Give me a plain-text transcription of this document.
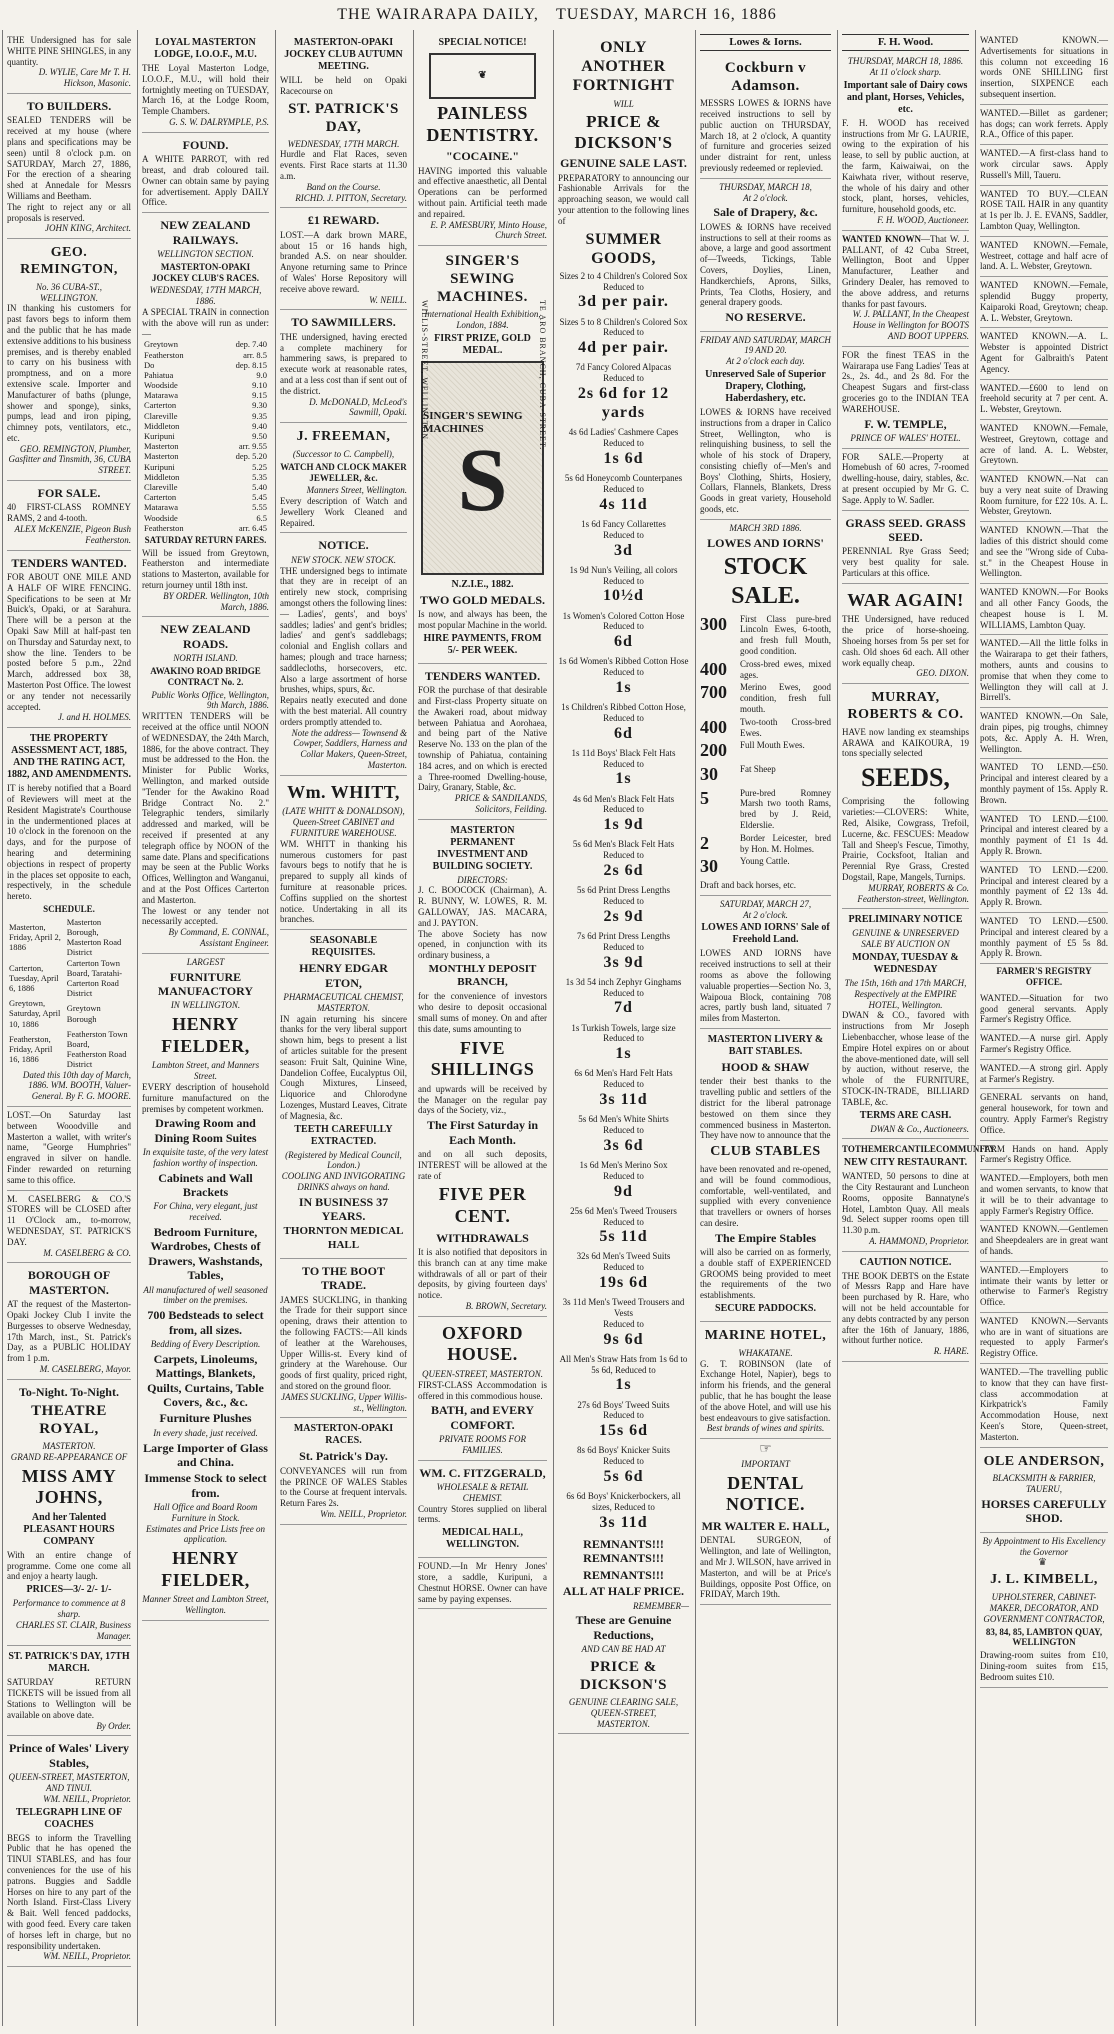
THE WAIRARAPA DAILY, TUESDAY, MARCH 16, 1886
THE Undersigned has for sale WHITE PINE SHINGLES, in any quantity.
D. WYLIE, Care Mr T. H. Hickson, Masonic.
TO BUILDERS.
SEALED TENDERS will be received at my house (where plans and specifications may be seen) until 8 o'clock p.m. on SATURDAY, March 27, 1886, For the erection of a shearing shed at Annedale for Messrs Williams and Beetham.
The right to reject any or all proposals is reserved.
JOHN KING, Architect.
GEO. REMINGTON,
No. 36 CUBA-ST., WELLINGTON.
IN thanking his customers for past favors begs to inform them and the public that he has made extensive additions to his business premises, and is thereby enabled to carry on his business with promptness, and on a more extensive scale. Importer and Manufacturer of baths (plunge, shower and sponge), sinks, pumps, lead and iron piping, chimney pots, ventilators, etc., etc.
GEO. REMINGTON, Plumber, Gasfitter and Tinsmith, 36, CUBA STREET.
FOR SALE.
40 FIRST-CLASS ROMNEY RAMS, 2 and 4-tooth.
ALEX McKENZIE, Pigeon Bush Featherston.
TENDERS WANTED.
FOR ABOUT ONE MILE AND A HALF OF WIRE FENCING. Specifications to be seen at Mr Buick's, Opaki, or at Sarahura. There will be a person at the Opaki Saw Mill at half-past ten on Thursday and Saturday next, to show the line. Tenders to be posted before 5 p.m., 22nd March, addressed box 38, Masterton Post Office. The lowest or any tender not necessarily accepted.
J. and H. HOLMES.
THE PROPERTY ASSESSMENT ACT, 1885, AND THE RATING ACT, 1882, AND AMENDMENTS.
IT is hereby notified that a Board of Reviewers will meet at the Resident Magistrate's Courthouse in the undermentioned places at 10 o'clock in the forenoon on the days, and for the purpose of hearing and determining objections in respect of property in the places set opposite to each, respectively, in the schedule hereto.
SCHEDULE.
Masterton, Friday, April 2, 1886	Masterton Borough, Masterton Road District
Carterton, Tuesday, April 6, 1886	Carterton Town Board, Taratahi-Carterton Road District
Greytown, Saturday, April 10, 1886	Greytown Borough
Featherston, Friday, April 16, 1886	Featherston Town Board, Featherston Road District
Dated this 10th day of March, 1886. WM. BOOTH, Valuer-General. By F. G. MOORE.
LOST.—On Saturday last between Wooodville and Masterton a wallet, with writer's name, "George Humphries" engraved in silver on handle. Finder rewarded on returning same to this office.
M. CASELBERG & CO.'S STORES will be CLOSED after 11 O'Clock am., to-morrow, WEDNESDAY, ST. PATRICK'S DAY.
M. CASELBERG & CO.
BOROUGH OF MASTERTON.
AT the request of the Masterton-Opaki Jockey Club I invite the Burgesses to observe Wednesday, 17th March, inst., St. Patrick's Day, as a PUBLIC HOLIDAY from 1 p.m.
M. CASELBERG, Mayor.
To-Night. To-Night.
THEATRE ROYAL,
MASTERTON.
GRAND RE-APPEARANCE OF
MISS AMY JOHNS,
And her Talented PLEASANT HOURS COMPANY
With an entire change of programme. Come one come all and enjoy a hearty laugh.
PRICES—3/- 2/- 1/-
Performance to commence at 8 sharp.
CHARLES ST. CLAIR, Business Manager.
ST. PATRICK'S DAY, 17TH MARCH.
SATURDAY RETURN TICKETS will be issued from all Stations to Wellington will be available on above date.
By Order.
Prince of Wales' Livery Stables,
QUEEN-STREET, MASTERTON, AND TINUI.
WM. NEILL, Proprietor.
TELEGRAPH LINE OF COACHES
BEGS to inform the Travelling Public that he has opened the TINUI STABLES, and has four conveniences for the use of his patrons. Buggies and Saddle Horses on hire to any part of the North Island. First-Class Livery & Bait. Well fenced paddocks, with good feed. Every care taken of horses left in charge, but no responsibility undertaken.
WM. NEILL, Proprietor.
LOYAL MASTERTON LODGE, I.O.O.F., M.U.
THE Loyal Masterton Lodge, I.O.O.F., M.U., will hold their fortnightly meeting on TUESDAY, March 16, at the Lodge Room, Temple Chambers.
G. S. W. DALRYMPLE, P.S.
FOUND.
A WHITE PARROT, with red breast, and drab coloured tail. Owner can obtain same by paying for advertisement. Apply DAILY Office.
NEW ZEALAND RAILWAYS.
WELLINGTON SECTION.
MASTERTON-OPAKI JOCKEY CLUB'S RACES.
WEDNESDAY, 17TH MARCH, 1886.
A SPECIAL TRAIN in connection with the above will run as under:—
Greytown	dep. 7.40
Featherston	arr. 8.5
Do	dep. 8.15
Pahiatua	9.0
Woodside	9.10
Matarawa	9.15
Carterton	9.30
Clareville	9.35
Middleton	9.40
Kuripuni	9.50
Masterton	arr. 9.55
Masterton	dep. 5.20
Kuripuni	5.25
Middleton	5.35
Clareville	5.40
Carterton	5.45
Matarawa	5.55
Woodside	6.5
Featherston	arr. 6.45
SATURDAY RETURN FARES.
Will be issued from Greytown, Featherston and intermediate stations to Masterton, available for return journey until 18th inst.
BY ORDER. Wellington, 10th March, 1886.
NEW ZEALAND ROADS.
NORTH ISLAND.
AWAKINO ROAD BRIDGE CONTRACT No. 2.
Public Works Office, Wellington, 9th March, 1886.
WRITTEN TENDERS will be received at the office until NOON of WEDNESDAY, the 24th March, 1886, for the above contract. They must be addressed to the Hon. the Minister for Public Works, Wellington, and marked outside "Tender for the Awakino Road Bridge Contract No. 2." Telegraphic tenders, similarly addressed and marked, will be received if presented at any telegraph office by NOON of the same date. Plans and specifications may be seen at the Public Works Offices, Wellington and Wanganui, and at the Post Offices Carterton and Masterton.
The lowest or any tender not necessarily accepted.
By Command, E. CONNAL, Assistant Engineer.
LARGEST
FURNITURE MANUFACTORY
IN WELLINGTON.
HENRY FIELDER,
Lambton Street, and Manners Street.
EVERY description of household furniture manufactured on the premises by competent workmen.
Drawing Room and Dining Room Suites
In exquisite taste, of the very latest fashion worthy of inspection.
Cabinets and Wall Brackets
For China, very elegant, just received.
Bedroom Furniture, Wardrobes, Chests of Drawers, Washstands, Tables,
All manufactured of well seasoned timber on the premises.
700 Bedsteads to select from, all sizes.
Bedding of Every Description.
Carpets, Linoleums, Mattings, Blankets, Quilts, Curtains, Table Covers, &c., &c.
Furniture Plushes
In every shade, just received.
Large Importer of Glass and China.
Immense Stock to select from.
Hall Office and Board Room Furniture in Stock.
Estimates and Price Lists free on application.
HENRY FIELDER,
Manner Street and Lambton Street, Wellington.
MASTERTON-OPAKI JOCKEY CLUB AUTUMN MEETING.
WILL be held on Opaki Racecourse on
ST. PATRICK'S DAY,
WEDNESDAY, 17TH MARCH.
Hurdle and Flat Races, seven events. First Race starts at 11.30 a.m.
Band on the Course.
RICHD. J. PITTON, Secretary.
£1 REWARD.
LOST.—A dark brown MARE, about 15 or 16 hands high, branded A.S. on near shoulder. Anyone returning same to Prince of Wales' Horse Repository will receive above reward.
W. NEILL.
TO SAWMILLERS.
THE undersigned, having erected a complete machinery for hammering saws, is prepared to execute work at reasonable rates, and at a less cost than if sent out of the district.
D. McDONALD, McLeod's Sawmill, Opaki.
J. FREEMAN,
(Successor to C. Campbell),
WATCH AND CLOCK MAKER JEWELLER, &c.
Manners Street, Wellington.
Every description of Watch and Jewellery Work Cleaned and Repaired.
NOTICE.
NEW STOCK. NEW STOCK.
THE undersigned begs to intimate that they are in receipt of an entirely new stock, comprising amongst others the following lines:— Ladies', gents', and boys' saddles; ladies' and gent's bridles; ladies' and gent's saddlebags; colonial and English collars and hames; plough and trace harness; saddlecloths, horsecovers, etc. Also a large assortment of horse brushes, whips, spurs, &c.
Repairs neatly executed and done with the best material. All country orders promptly attended to.
Note the address— Townsend & Cowper, Saddlers, Harness and Collar Makers, Queen-Street, Masterton.
Wm. WHITT,
(LATE WHITT & DONALDSON), Queen-Street CABINET and FURNITURE WAREHOUSE.
WM. WHITT in thanking his numerous customers for past favours begs to notify that he is prepared to supply all kinds of furniture at reasonable prices. Coffins supplied on the shortest notice. Undertaking in all its branches.
SEASONABLE REQUISITES.
HENRY EDGAR ETON,
PHARMACEUTICAL CHEMIST, MASTERTON.
IN again returning his sincere thanks for the very liberal support shown him, begs to present a list of articles suitable for the present season: Fruit Salt, Quinine Wine, Dandelion Coffee, Eucalyptus Oil, Cough Mixtures, Linseed, Liquorice and Chlorodyne Lozenges, Mustard Leaves, Citrate of Magnesia, &c.
TEETH CAREFULLY EXTRACTED.
(Registered by Medical Council, London.)
COOLING AND INVIGORATING DRINKS always on hand.
IN BUSINESS 37 YEARS.
THORNTON MEDICAL HALL
TO THE BOOT TRADE.
JAMES SUCKLING, in thanking the Trade for their support since opening, draws their attention to the following FACTS:—All kinds of leather at the Warehouses, Upper Willis-st. Every kind of grindery at the Warehouse. Our goods of first quality, priced right, and stored on the ground floor.
JAMES SUCKLING, Upper Willis-st., Wellington.
MASTERTON-OPAKI RACES.
St. Patrick's Day.
CONVEYANCES will run from the PRINCE OF WALES Stables to the Course at frequent intervals. Return Fares 2s.
Wm. NEILL, Proprietor.
SPECIAL NOTICE!
❦
PAINLESS DENTISTRY.
"COCAINE."
HAVING imported this valuable and effective anaesthetic, all Dental Operations can be performed without pain. Artificial teeth made and repaired.
E. P. AMESBURY, Minto House, Church Street.
SINGER'S SEWING MACHINES.
International Health Exhibition, London, 1884.
FIRST PRIZE, GOLD MEDAL.
SINGER'S SEWING MACHINES
S
N.Z.I.E., 1882.
TWO GOLD MEDALS.
Is now, and always has been, the most popular Machine in the world.
HIRE PAYMENTS, FROM 5/- PER WEEK.
TENDERS WANTED.
FOR the purchase of that desirable and First-class Property situate on the Awakeri road, about midway between Pahiatua and Aorohaea, and being part of the Native Reserve No. 133 on the plan of the township of Pahiatua, containing 184 acres, and on which is erected a Three-roomed Dwelling-house, Dairy, Granary, Stable, &c.
PRICE & SANDILANDS, Solicitors, Feilding.
MASTERTON PERMANENT INVESTMENT AND BUILDING SOCIETY.
DIRECTORS:
J. C. BOOCOCK (Chairman), A. R. BUNNY, W. LOWES, R. M. GALLOWAY, JAS. MACARA, and J. PAYTON.
The above Society has now opened, in conjunction with its ordinary business, a
MONTHLY DEPOSIT BRANCH,
for the convenience of investors who desire to deposit occasional small sums of money. On and after this date, sums amounting to
FIVE SHILLINGS
and upwards will be received by the Manager on the regular pay days of the Society, viz.,
The First Saturday in Each Month.
and on all such deposits, INTEREST will be allowed at the rate of
FIVE PER CENT.
WITHDRAWALS
It is also notified that depositors in this branch can at any time make withdrawals of all or part of their deposits, by giving fourteen days' notice.
B. BROWN, Secretary.
OXFORD HOUSE.
QUEEN-STREET, MASTERTON.
FIRST-CLASS Accommodation is offered in this commodious house.
BATH, and EVERY COMFORT.
PRIVATE ROOMS FOR FAMILIES.
WM. C. FITZGERALD,
WHOLESALE & RETAIL CHEMIST.
Country Stores supplied on liberal terms.
MEDICAL HALL, WELLINGTON.
FOUND.—In Mr Henry Jones' store, a saddle, Kuripuni, a Chestnut HORSE. Owner can have same by paying expenses.
ONLY ANOTHER FORTNIGHT
WILL
PRICE & DICKSON'S
GENUINE SALE LAST.
PREPARATORY to announcing our Fashionable Arrivals for the approaching season, we would call your attention to the following lines of
SUMMER GOODS,
Sizes 2 to 4 Children's Colored Sox
Reduced to
3d per pair.
Sizes 5 to 8 Children's Colored Sox
Reduced to
4d per pair.
7d Fancy Colored Alpacas
Reduced to
2s 6d for 12 yards
4s 6d Ladies' Cashmere Capes
Reduced to
1s 6d
5s 6d Honeycomb Counterpanes
Reduced to
4s 11d
1s 6d Fancy Collarettes
Reduced to
3d
1s 9d Nun's Veiling, all colors
Reduced to
10½d
1s Women's Colored Cotton Hose
Reduced to
6d
1s 6d Women's Ribbed Cotton Hose
Reduced to
1s
1s Children's Ribbed Cotton Hose, Reduced to
6d
1s 11d Boys' Black Felt Hats
Reduced to
1s
4s 6d Men's Black Felt Hats
Reduced to
1s 9d
5s 6d Men's Black Felt Hats
Reduced to
2s 6d
5s 6d Print Dress Lengths
Reduced to
2s 9d
7s 6d Print Dress Lengths
Reduced to
3s 9d
1s 3d 54 inch Zephyr Ginghams
Reduced to
7d
1s Turkish Towels, large size
Reduced to
1s
6s 6d Men's Hard Felt Hats
Reduced to
3s 11d
5s 6d Men's White Shirts
Reduced to
3s 6d
1s 6d Men's Merino Sox
Reduced to
9d
25s 6d Men's Tweed Trousers
Reduced to
5s 11d
32s 6d Men's Tweed Suits
Reduced to
19s 6d
3s 11d Men's Tweed Trousers and Vests
Reduced to
9s 6d
All Men's Straw Hats from 1s 6d to 5s 6d, Reduced to
1s
27s 6d Boys' Tweed Suits
Reduced to
15s 6d
8s 6d Boys' Knicker Suits
Reduced to
5s 6d
6s 6d Boys' Knickerbockers, all sizes, Reduced to
3s 11d
REMNANTS!!! REMNANTS!!!
REMNANTS!!!
ALL AT HALF PRICE.
REMEMBER—
These are Genuine Reductions,
AND CAN BE HAD AT
PRICE & DICKSON'S
GENUINE CLEARING SALE,
QUEEN-STREET,
MASTERTON.
Lowes & Iorns.
Cockburn v Adamson.
MESSRS LOWES & IORNS have received instructions to sell by public auction on THURSDAY, March 18, at 2 o'clock, A quantity of furniture and groceries seized under distraint for rent, unless previously redeemed or replevied.
THURSDAY, MARCH 18,
At 2 o'clock.
Sale of Drapery, &c.
LOWES & IORNS have received instructions to sell at their rooms as above, a large and good assortment of—Tweeds, Tickings, Table Covers, Doylies, Linen, Handkerchiefs, Aprons, Silks, Prints, Tea Cloths, Hosiery, and general drapery goods.
NO RESERVE.
FRIDAY AND SATURDAY, MARCH 19 AND 20.
At 2 o'clock each day.
Unreserved Sale of Superior Drapery, Clothing, Haberdashery, etc.
LOWES & IORNS have received instructions from a draper in Calico Street, Wellington, who is relinquishing business, to sell the whole of his stock of Drapery, consisting chiefly of—Men's and Boys' Clothing, Shirts, Hosiery, Collars, Flannels, Blankets, Dress Goods in great variety, Household goods, etc.
MARCH 3RD 1886.
LOWES AND IORNS'
STOCK SALE.
300	First Class pure-bred Lincoln Ewes, 6-tooth, and fresh full Mouth, good condition.
400	Cross-bred ewes, mixed ages.
700	Merino Ewes, good condition, fresh full mouth.
400	Two-tooth Cross-bred Ewes.
200	Full Mouth Ewes.
30	Fat Sheep
5	Pure-bred Romney Marsh two tooth Rams, bred by J. Reid, Elderslie.
2	Border Leicester, bred by Hon. M. Holmes.
30	Young Cattle.
Draft and back horses, etc.
SATURDAY, MARCH 27,
At 2 o'clock.
LOWES AND IORNS' Sale of Freehold Land.
LOWES AND IORNS have received instructions to sell at their rooms as above the following valuable properties—Section No. 3, Waipoua Block, containing 708 acres, partly bush land, situated 7 miles from Masterton.
MASTERTON LIVERY & BAIT STABLES.
HOOD & SHAW
tender their best thanks to the travelling public and settlers of the district for the liberal patronage bestowed on them since they commenced business in Masterton. They have now to announce that the
CLUB STABLES
have been renovated and re-opened, and will be found commodious, comfortable, well-ventilated, and supplied with every convenience that travellers or owners of horses can desire.
The Empire Stables
will also be carried on as formerly, a double staff of EXPERIENCED GROOMS being provided to meet the requirements of the two establishments.
SECURE PADDOCKS.
MARINE HOTEL,
WHAKATANE.
G. T. ROBINSON (late of Exchange Hotel, Napier), begs to inform his friends, and the general public, that he has bought the lease of the above Hotel, and will use his best endeavours to give satisfaction.
Best brands of wines and spirits.
☞
IMPORTANT
DENTAL NOTICE.
MR WALTER E. HALL,
DENTAL SURGEON, of Wellington, and late of Wellington, and Mr J. WILSON, have arrived in Masterton, and will be at Price's Buildings, opposite Post Office, on FRIDAY, March 19th.
F. H. Wood.
THURSDAY, MARCH 18, 1886.
At 11 o'clock sharp.
Important sale of Dairy cows and plant, Horses, Vehicles, etc.
F. H. WOOD has received instructions from Mr G. LAURIE, owing to the expiration of his lease, to sell by public auction, at the farm, Kaiwaiwai, on the Kaiwhata river, without reserve, the whole of his dairy and other stock, plant, horses, vehicles, furniture, household goods, etc.
F. H. WOOD, Auctioneer.
WANTED KNOWN—That W. J. PALLANT, of 42 Cuba Street, Wellington, Boot and Upper Manufacturer, Leather and Grindery Dealer, has removed to the above address, and returns thanks for past favours.
W. J. PALLANT, In the Cheapest House in Wellington for BOOTS AND BOOT UPPERS.
FOR the finest TEAS in the Wairarapa use Fang Ladies' Teas at 2s., 2s. 4d., and 2s 8d. For the Cheapest Sugars and first-class groceries go to the INDIAN TEA WAREHOUSE.
F. W. TEMPLE,
PRINCE OF WALES' HOTEL.
FOR SALE.—Property at Homebush of 60 acres, 7-roomed dwelling-house, dairy, stables, &c. at present occupied by Mr G. C. Sage. Apply to W. Sadler.
GRASS SEED. GRASS SEED.
PERENNIAL Rye Grass Seed; very best quality for sale. Particulars at this office.
WAR AGAIN!
THE Undersigned, have reduced the price of horse-shoeing. Shoeing horses from 5s per set for cash. Old shoes 6d each. All other work equally cheap.
GEO. DIXON.
MURRAY, ROBERTS & CO.
HAVE now landing ex steamships ARAWA and KAIKOURA, 19 tons specially selected
SEEDS,
Comprising the following varieties:—CLOVERS: White, Red, Alsike, Cowgrass, Trefoil, Lucerne, &c. FESCUES: Meadow Tall and Sheep's Fescue, Timothy, Prairie, Cocksfoot, Italian and Perennial Rye Grass, Crested Dogstail, Rape, Mangels, Turnips.
MURRAY, ROBERTS & Co. Featherston-street, Wellington.
PRELIMINARY NOTICE
GENUINE & UNRESERVED SALE BY AUCTION ON
MONDAY, TUESDAY & WEDNESDAY
The 15th, 16th and 17th MARCH, Respectively at the EMPIRE HOTEL, Wellington.
DWAN & CO., favored with instructions from Mr Joseph Liebenbaccher, whose lease of the Empire Hotel expires on or about the above-mentioned date, will sell by auction, without reserve, the whole of the FURNITURE, STOCK-IN-TRADE, BILLIARD TABLE, &c.
TERMS ARE CASH.
DWAN & Co., Auctioneers.
TOTHEMERCANTILECOMMUNITY.
NEW CITY RESTAURANT.
WANTED, 50 persons to dine at the City Restaurant and Luncheon Rooms, opposite Bannatyne's Hotel, Lambton Quay. All meals 9d. Select supper rooms open till 11.30 p.m.
A. HAMMOND, Proprietor.
CAUTION NOTICE.
THE BOOK DEBTS on the Estate of Messrs Rapp and Hare have been purchased by R. Hare, who will not be held accountable for any debts contracted by any person after the 16th of January, 1886, without further notice.
R. HARE.
WANTED KNOWN.—Advertisements for situations in this column not exceeding 16 words ONE SHILLING first insertion, SIXPENCE each subsequent insertion.
WANTED.—Billet as gardener; has dogs; can work ferrets. Apply R.A., Office of this paper.
WANTED.—A first-class hand to work circular saws. Apply Russell's Mill, Taueru.
WANTED TO BUY.—CLEAN ROSE TAIL HAIR in any quantity at 1s per lb. J. E. EVANS, Saddler, Lambton Quay, Wellington.
WANTED KNOWN.—Female, Westreet, cottage and half acre of land. A. L. Webster, Greytown.
WANTED KNOWN.—Female, splendid Buggy property, Kaiparoki Road, Greytown; cheap. A. L. Webster, Greytown.
WANTED KNOWN.—A. L. Webster is appointed District Agent for Galbraith's Patent Agency.
WANTED.—£600 to lend on freehold security at 7 per cent. A. L. Webster, Greytown.
WANTED KNOWN.—Female, Westreet, Greytown, cottage and acre of land. A. L. Webster, Greytown.
WANTED KNOWN.—Nat can buy a very neat suite of Drawing Room furniture, for £22 10s. A. L. Webster, Greytown.
WANTED KNOWN.—That the ladies of this district should come and see the "Wrong side of Cuba-st." in the Cheapest House in Wellington.
WANTED KNOWN.—For Books and all other Fancy Goods, the cheapest house is I. M. WILLIAMS, Lambton Quay.
WANTED.—All the little folks in the Wairarapa to get their fathers, mothers, aunts and cousins to promise that when they come to Wellington they will call at J. Birrell's.
WANTED KNOWN.—On Sale, drain pipes, pig troughs, chimney pots, &c. Apply A. H. Wren, Wellington.
WANTED TO LEND.—£50. Principal and interest cleared by a monthly payment of 15s. Apply R. Brown.
WANTED TO LEND.—£100. Principal and interest cleared by a monthly payment of £1 1s 4d. Apply R. Brown.
WANTED TO LEND.—£200. Principal and interest cleared by a monthly payment of £2 13s 4d. Apply R. Brown.
WANTED TO LEND.—£500. Principal and interest cleared by a monthly payment of £5 5s 8d. Apply R. Brown.
FARMER'S REGISTRY OFFICE.
WANTED.—Situation for two good general servants. Apply Farmer's Registry Office.
WANTED.—A nurse girl. Apply Farmer's Registry Office.
WANTED.—A strong girl. Apply at Farmer's Registry.
GENERAL servants on hand, general housework, for town and country. Apply Farmer's Registry Office.
FARM Hands on hand. Apply Farmer's Registry Office.
WANTED.—Employers, both men and women servants, to know that it will be to their advantage to apply Farmer's Registry Office.
WANTED KNOWN.—Gentlemen and Sheepdealers are in great want of hands.
WANTED.—Employers to intimate their wants by letter or otherwise to Farmer's Registry Office.
WANTED KNOWN.—Servants who are in want of situations are requested to apply Farmer's Registry Office.
WANTED.—The travelling public to know that they can have first-class accommodation at Kirkpatrick's Family Accommodation House, next Keen's Store, Queen-street, Masterton.
OLE ANDERSON,
BLACKSMITH & FARRIER, TAUERU,
HORSES CAREFULLY SHOD.
By Appointment to His Excellency the Governor
♛
J. L. KIMBELL,
UPHOLSTERER, CABINET-MAKER, DECORATOR, AND GOVERNMENT CONTRACTOR,
83, 84, 85, LAMBTON QUAY, WELLINGTON
Drawing-room suites from £10, Dining-room suites from £15, Bedroom suites £10.
WILLIS-STREET, WELLINGTON.	TE ARO BRANCH, CUBA-STREET.
